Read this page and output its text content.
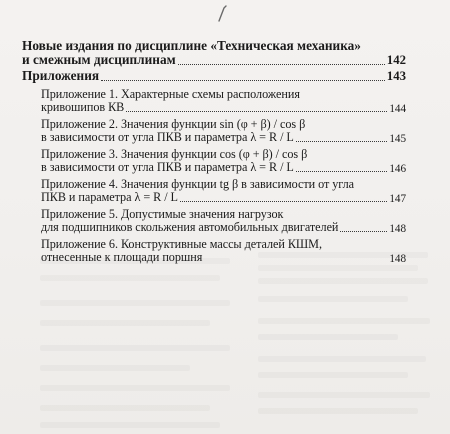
Новые издания по дисциплине «Техническая механика»
и смежным дисциплинам	142
Приложения	143
Приложение 1. Характерные схемы расположения
кривошипов КВ	144
Приложение 2. Значения функции sin (φ + β) / cos β
в зависимости от угла ПКВ и параметра λ = R / L	145
Приложение 3. Значения функции cos (φ + β) / cos β
в зависимости от угла ПКВ и параметра λ = R / L	146
Приложение 4. Значения функции tg β в зависимости от угла
ПКВ и параметра λ = R / L	147
Приложение 5. Допустимые значения нагрузок
для подшипников скольжения автомобильных двигателей	148
Приложение 6. Конструктивные массы деталей КШМ,
отнесенные к площади поршня	148
